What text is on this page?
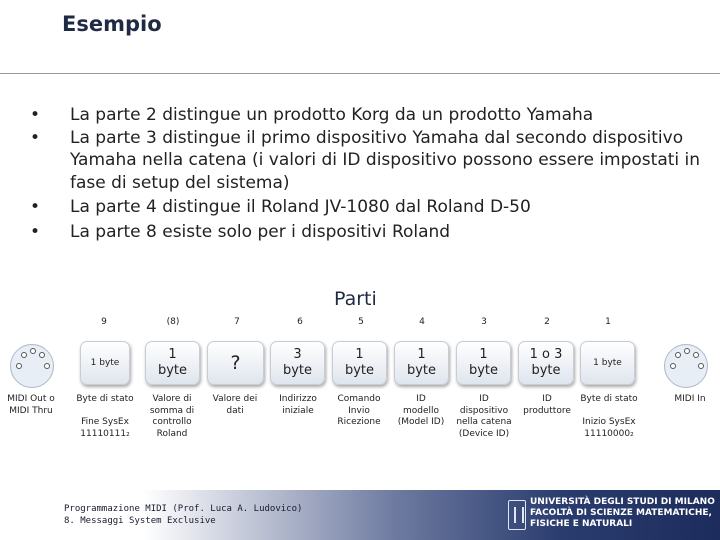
Esempio
• La parte 2 distingue un prodotto Korg da un prodotto Yamaha
• La parte 3 distingue il primo dispositivo Yamaha dal secondo dispositivo Yamaha nella catena (i valori di ID dispositivo possono essere impostati in fase di setup del sistema)
• La parte 4 distingue il Roland JV-1080 dal Roland D-50
• La parte 8 esiste solo per i dispositivi Roland
Parti
MIDI Out o MIDI Thru
MIDI In
9
1 byte
Byte di stato

Fine SysEx
11110111₂
(8)
1
byte
Valore di
somma di
controllo
Roland
7
?
Valore dei
dati
6
3
byte
Indirizzo
iniziale
5
1
byte
Comando
Invio
Ricezione
4
1
byte
ID
modello
(Model ID)
3
1
byte
ID
dispositivo
nella catena
(Device ID)
2
1 o 3
byte
ID
produttore
1
1 byte
Byte di stato

Inizio SysEx
11110000₂
Programmazione MIDI (Prof. Luca A. Ludovico)
8. Messaggi System Exclusive
UNIVERSITÀ DEGLI STUDI DI MILANO
FACOLTÀ DI SCIENZE MATEMATICHE,
FISICHE E NATURALI
